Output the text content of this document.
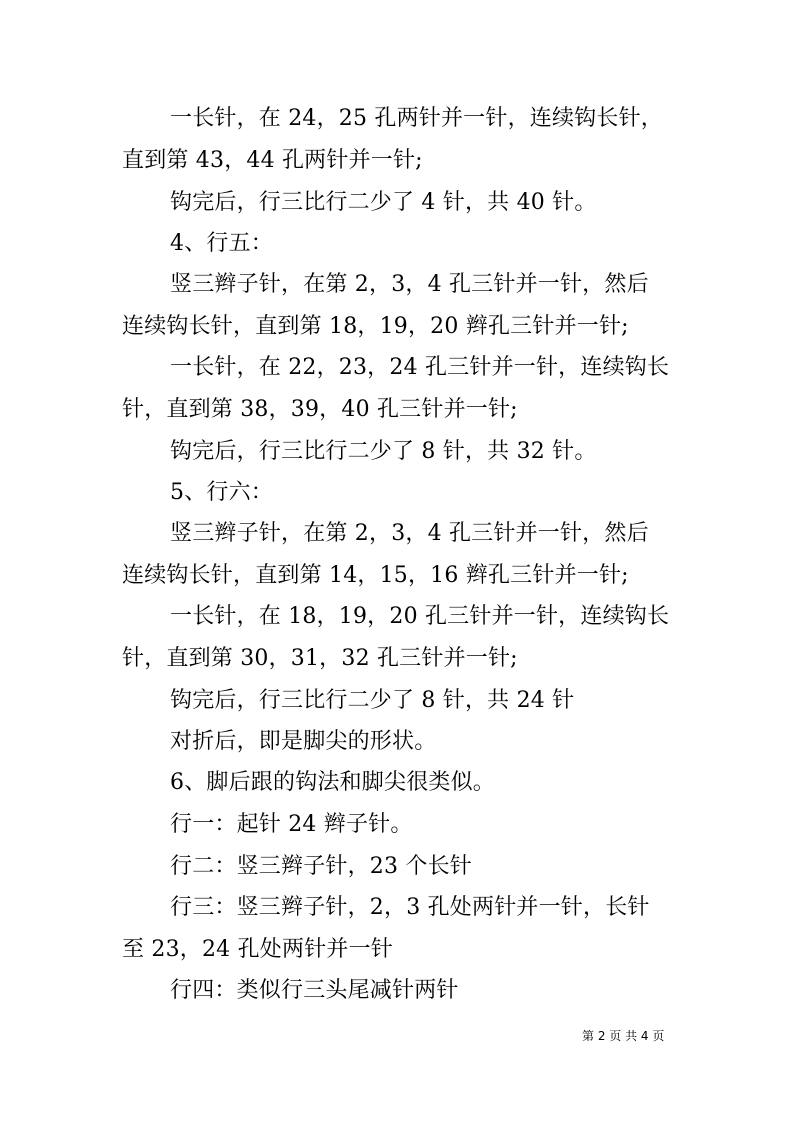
一长针，在 24，25 孔两针并一针，连续钩长针，
直到第 43，44 孔两针并一针;
钩完后，行三比行二少了 4 针，共 40 针。
4、行五：
竖三辫子针，在第 2，3，4 孔三针并一针，然后
连续钩长针，直到第 18，19，20 辫孔三针并一针;
一长针，在 22，23，24 孔三针并一针，连续钩长
针，直到第 38，39，40 孔三针并一针;
钩完后，行三比行二少了 8 针，共 32 针。
5、行六：
竖三辫子针，在第 2，3，4 孔三针并一针，然后
连续钩长针，直到第 14，15，16 辫孔三针并一针;
一长针，在 18，19，20 孔三针并一针，连续钩长
针，直到第 30，31，32 孔三针并一针;
钩完后，行三比行二少了 8 针，共 24 针
对折后，即是脚尖的形状。
6、脚后跟的钩法和脚尖很类似。
行一：起针 24 辫子针。
行二：竖三辫子针，23 个长针
行三：竖三辫子针，2，3 孔处两针并一针，长针
至 23，24 孔处两针并一针
行四：类似行三头尾减针两针
第 2 页 共 4 页
